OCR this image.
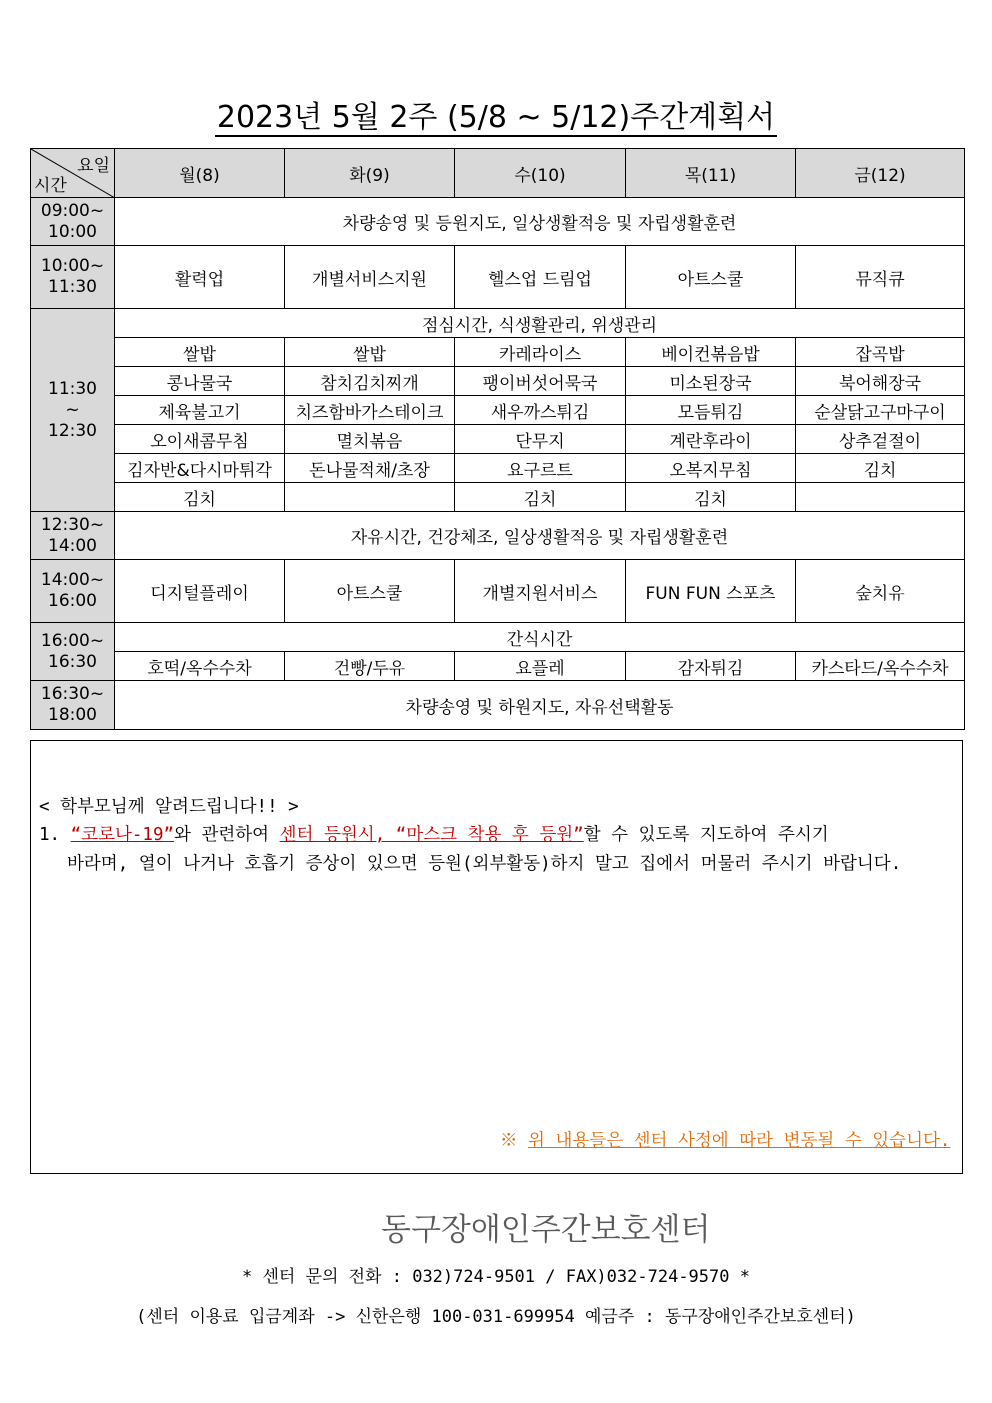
2023년 5월 2주 (5/8 ~ 5/12)주간계획서
요일
시간	월(8)	화(9)	수(10)	목(11)	금(12)

09:00~
10:00	차량송영 및 등원지도, 일상생활적응 및 자립생활훈련				

10:00~
11:30	활력업	개별서비스지원	헬스업 드림업	아트스쿨	뮤직큐

11:30
~
12:30	점심시간, 식생활관리, 위생관리				
	쌀밥	쌀밥	카레라이스	베이컨볶음밥	잡곡밥
	콩나물국	참치김치찌개	팽이버섯어묵국	미소된장국	북어해장국
	제육불고기	치즈함바가스테이크	새우까스튀김	모듬튀김	순살닭고구마구이
	오이새콤무침	멸치볶음	단무지	계란후라이	상추겉절이
	김자반&다시마튀각	돈나물적채/초장	요구르트	오복지무침	김치
	김치		김치	김치	

12:30~
14:00	자유시간, 건강체조, 일상생활적응 및 자립생활훈련				

14:00~
16:00	디지털플레이	아트스쿨	개별지원서비스	FUN FUN 스포츠	숲치유

16:00~
16:30	간식시간				
	호떡/옥수수차	건빵/두유	요플레	감자튀김	카스타드/옥수수차

16:30~
18:00	차량송영 및 하원지도, 자유선택활동				
< 학부모님께 알려드립니다!! >
1. “코로나-19”와 관련하여 센터 등원시, “마스크 착용 후 등원”할 수 있도록 지도하여 주시기
바라며, 열이 나거나 호흡기 증상이 있으면 등원(외부활동)하지 말고 집에서 머물러 주시기 바랍니다.
※ 위 내용들은 센터 사정에 따라 변동될 수 있습니다.
동구장애인주간보호센터
* 센터 문의 전화 : 032)724-9501 / FAX)032-724-9570 *
(센터 이용료 입금계좌 -> 신한은행 100-031-699954 예금주 : 동구장애인주간보호센터)
